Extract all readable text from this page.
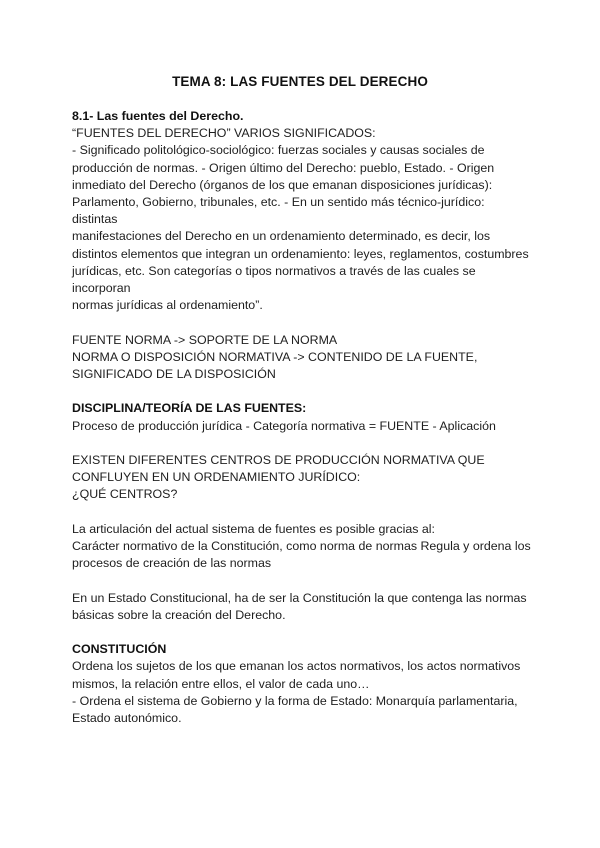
TEMA 8: LAS FUENTES DEL DERECHO

8.1- Las fuentes del Derecho.

“FUENTES DEL DERECHO” VARIOS SIGNIFICADOS:

- Significado politológico-sociológico: fuerzas sociales y causas sociales de

producción de normas. - Origen último del Derecho: pueblo, Estado. - Origen

inmediato del Derecho (órganos de los que emanan disposiciones jurídicas):

Parlamento, Gobierno, tribunales, etc. - En un sentido más técnico-jurídico: distintas

manifestaciones del Derecho en un ordenamiento determinado, es decir, los

distintos elementos que integran un ordenamiento: leyes, reglamentos, costumbres

jurídicas, etc. Son categorías o tipos normativos a través de las cuales se incorporan

normas jurídicas al ordenamiento”.

FUENTE NORMA -> SOPORTE DE LA NORMA

NORMA O DISPOSICIÓN NORMATIVA -> CONTENIDO DE LA FUENTE,

SIGNIFICADO DE LA DISPOSICIÓN

DISCIPLINA/TEORÍA DE LAS FUENTES:

Proceso de producción jurídica - Categoría normativa = FUENTE - Aplicación

EXISTEN DIFERENTES CENTROS DE PRODUCCIÓN NORMATIVA QUE

CONFLUYEN EN UN ORDENAMIENTO JURÍDICO:

¿QUÉ CENTROS?

La articulación del actual sistema de fuentes es posible gracias al:

Carácter normativo de la Constitución, como norma de normas Regula y ordena los

procesos de creación de las normas

En un Estado Constitucional, ha de ser la Constitución la que contenga las normas

básicas sobre la creación del Derecho.

CONSTITUCIÓN

Ordena los sujetos de los que emanan los actos normativos, los actos normativos

mismos, la relación entre ellos, el valor de cada uno…

- Ordena el sistema de Gobierno y la forma de Estado: Monarquía parlamentaria,

Estado autonómico.
